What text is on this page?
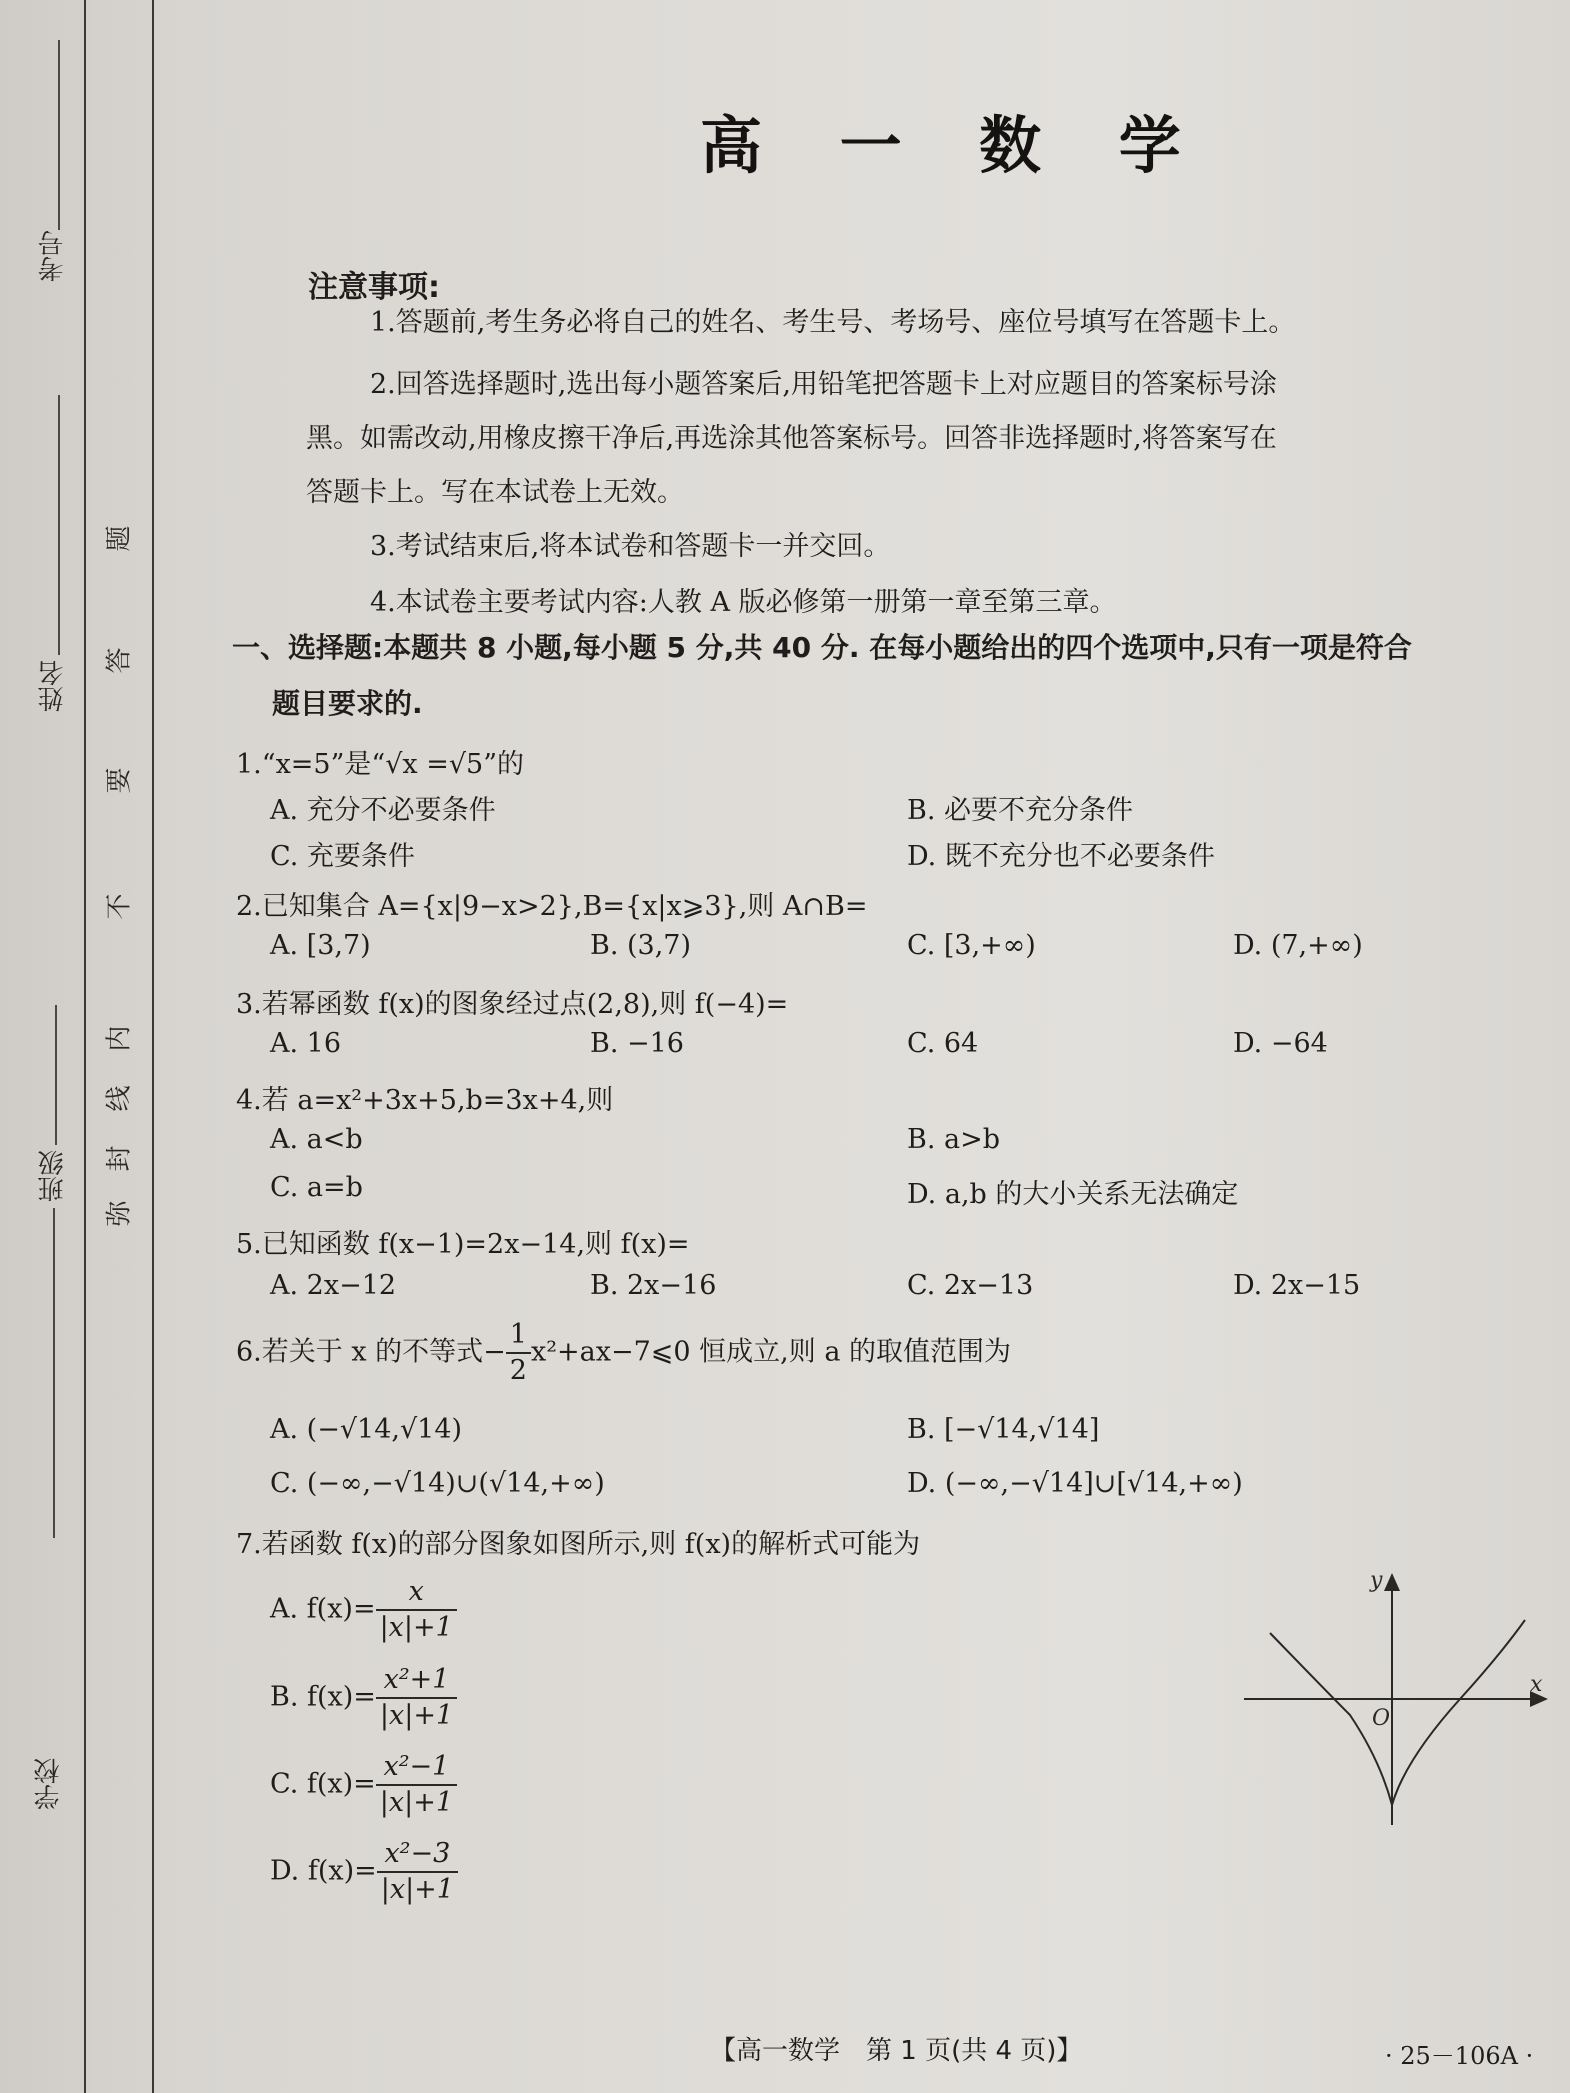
考号
姓名
班级
学校
题
答
要
不
内
线
封
弥
高 一 数 学
注意事项:
1.答题前,考生务必将自己的姓名、考生号、考场号、座位号填写在答题卡上。
2.回答选择题时,选出每小题答案后,用铅笔把答题卡上对应题目的答案标号涂
黑。如需改动,用橡皮擦干净后,再选涂其他答案标号。回答非选择题时,将答案写在
答题卡上。写在本试卷上无效。
3.考试结束后,将本试卷和答题卡一并交回。
4.本试卷主要考试内容:人教 A 版必修第一册第一章至第三章。
一、选择题:本题共 8 小题,每小题 5 分,共 40 分. 在每小题给出的四个选项中,只有一项是符合
题目要求的.
1.“x=5”是“√x =√5”的
A. 充分不必要条件	B. 必要不充分条件
C. 充要条件	D. 既不充分也不必要条件
2.已知集合 A={x|9−x>2},B={x|x⩾3},则 A∩B=
A. [3,7)	B. (3,7)	C. [3,+∞)	D. (7,+∞)
3.若幂函数 f(x)的图象经过点(2,8),则 f(−4)=
A. 16	B. −16	C. 64	D. −64
4.若 a=x²+3x+5,b=3x+4,则
A. a<b	B. a>b
C. a=b	D. a,b 的大小关系无法确定
5.已知函数 f(x−1)=2x−14,则 f(x)=
A. 2x−12	B. 2x−16	C. 2x−13	D. 2x−15
6.若关于 x 的不等式− $\frac{1}{2}$ x²+ax−7⩽0 恒成立,则 a 的取值范围为
A. (−√14,√14)	B. [−√14,√14]
C. (−∞,−√14)∪(√14,+∞)	D. (−∞,−√14]∪[√14,+∞)
7.若函数 f(x)的部分图象如图所示,则 f(x)的解析式可能为
A. $f(x)= \frac{x}{|x|+1}$
B. $f(x)= \frac{\text{x²+1}}{|x|+1}$
C. $f(x)= \frac{\text{x²−1}}{|x|+1}$
D. $f(x)= \frac{\text{x²−3}}{|x|+1}$
y
x
O
【高一数学　第 1 页(共 4 页)】	· 25－106A ·
